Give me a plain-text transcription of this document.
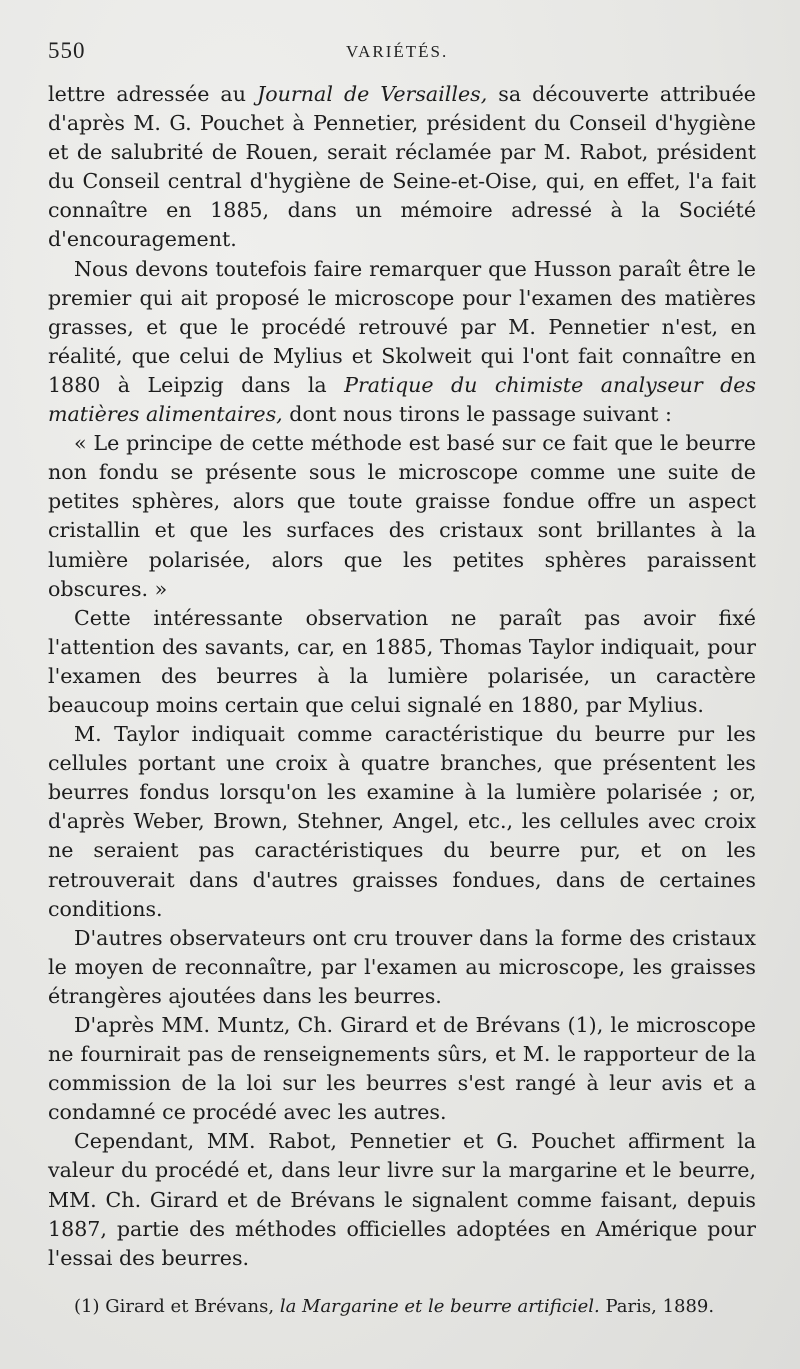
550	VARIÉTÉS.

lettre adressée au Journal de Versailles, sa découverte attribuée d'après M. G. Pouchet à Pennetier, président du Conseil d'hygiène et de salubrité de Rouen, serait réclamée par M. Rabot, président du Conseil central d'hygiène de Seine-et-Oise, qui, en effet, l'a fait connaître en 1885, dans un mémoire adressé à la Société d'encouragement.

Nous devons toutefois faire remarquer que Husson paraît être le premier qui ait proposé le microscope pour l'examen des matières grasses, et que le procédé retrouvé par M. Pennetier n'est, en réalité, que celui de Mylius et Skolweit qui l'ont fait connaître en 1880 à Leipzig dans la Pratique du chimiste analyseur des matières alimentaires, dont nous tirons le passage suivant :

« Le principe de cette méthode est basé sur ce fait que le beurre non fondu se présente sous le microscope comme une suite de petites sphères, alors que toute graisse fondue offre un aspect cristallin et que les surfaces des cristaux sont brillantes à la lumière polarisée, alors que les petites sphères paraissent obscures. »

Cette intéressante observation ne paraît pas avoir fixé l'attention des savants, car, en 1885, Thomas Taylor indiquait, pour l'examen des beurres à la lumière polarisée, un caractère beaucoup moins certain que celui signalé en 1880, par Mylius.

M. Taylor indiquait comme caractéristique du beurre pur les cellules portant une croix à quatre branches, que présentent les beurres fondus lorsqu'on les examine à la lumière polarisée ; or, d'après Weber, Brown, Stehner, Angel, etc., les cellules avec croix ne seraient pas caractéristiques du beurre pur, et on les retrouverait dans d'autres graisses fondues, dans de certaines conditions.

D'autres observateurs ont cru trouver dans la forme des cristaux le moyen de reconnaître, par l'examen au microscope, les graisses étrangères ajoutées dans les beurres.

D'après MM. Muntz, Ch. Girard et de Brévans (1), le microscope ne fournirait pas de renseignements sûrs, et M. le rapporteur de la commission de la loi sur les beurres s'est rangé à leur avis et a condamné ce procédé avec les autres.

Cependant, MM. Rabot, Pennetier et G. Pouchet affirment la valeur du procédé et, dans leur livre sur la margarine et le beurre, MM. Ch. Girard et de Brévans le signalent comme faisant, depuis 1887, partie des méthodes officielles adoptées en Amérique pour l'essai des beurres.

(1) Girard et Brévans, la Margarine et le beurre artificiel. Paris, 1889.
